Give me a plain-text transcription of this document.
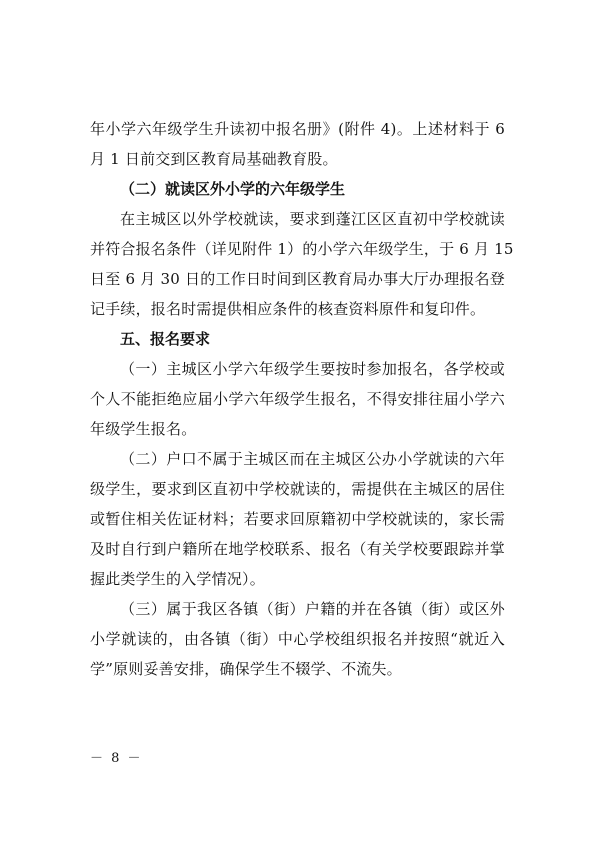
年小学六年级学生升读初中报名册》(附件 4)。上述材料于 6
月 1 日前交到区教育局基础教育股。
（二）就读区外小学的六年级学生
在主城区以外学校就读，要求到蓬江区区直初中学校就读
并符合报名条件（详见附件 1）的小学六年级学生，于 6 月 15
日至 6 月 30 日的工作日时间到区教育局办事大厅办理报名登
记手续，报名时需提供相应条件的核查资料原件和复印件。
五、报名要求
（一）主城区小学六年级学生要按时参加报名，各学校或
个人不能拒绝应届小学六年级学生报名，不得安排往届小学六
年级学生报名。
（二）户口不属于主城区而在主城区公办小学就读的六年
级学生，要求到区直初中学校就读的，需提供在主城区的居住
或暂住相关佐证材料；若要求回原籍初中学校就读的，家长需
及时自行到户籍所在地学校联系、报名（有关学校要跟踪并掌
握此类学生的入学情况）。
（三）属于我区各镇（街）户籍的并在各镇（街）或区外
小学就读的，由各镇（街）中心学校组织报名并按照“就近入
学”原则妥善安排，确保学生不辍学、不流失。
－ 8 －
